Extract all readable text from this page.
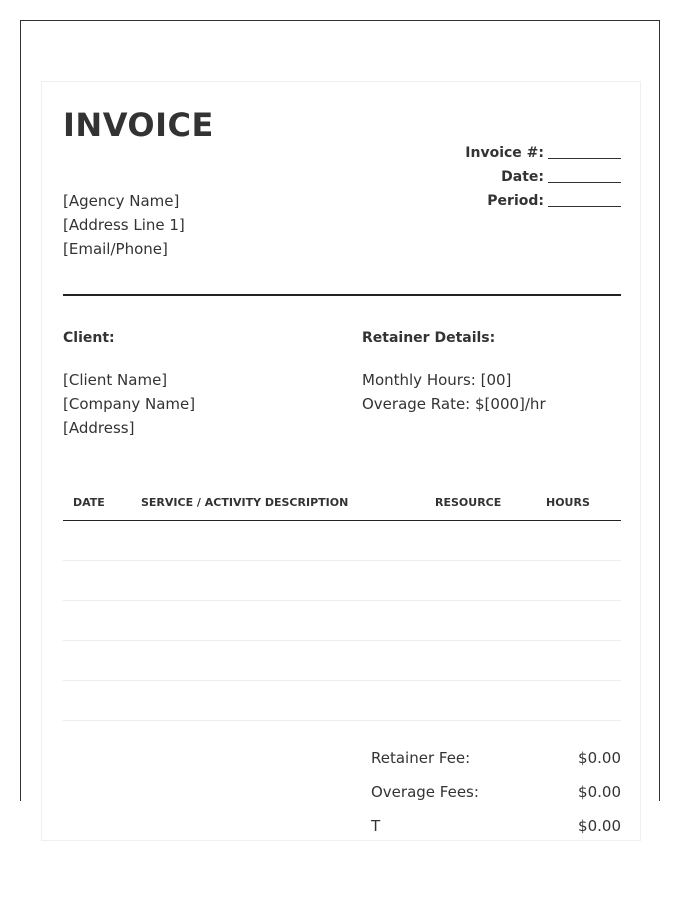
INVOICE
[Agency Name]
[Address Line 1]
[Email/Phone]
Invoice #:
Date:
Period:
Client:
[Client Name]
[Company Name]
[Address]
Retainer Details:
Monthly Hours: [00]
Overage Rate: $[000]/hr
DATE	SERVICE / ACTIVITY DESCRIPTION	RESOURCE	HOURS
Retainer Fee:	$0.00
Overage Fees:	$0.00
T	$0.00
